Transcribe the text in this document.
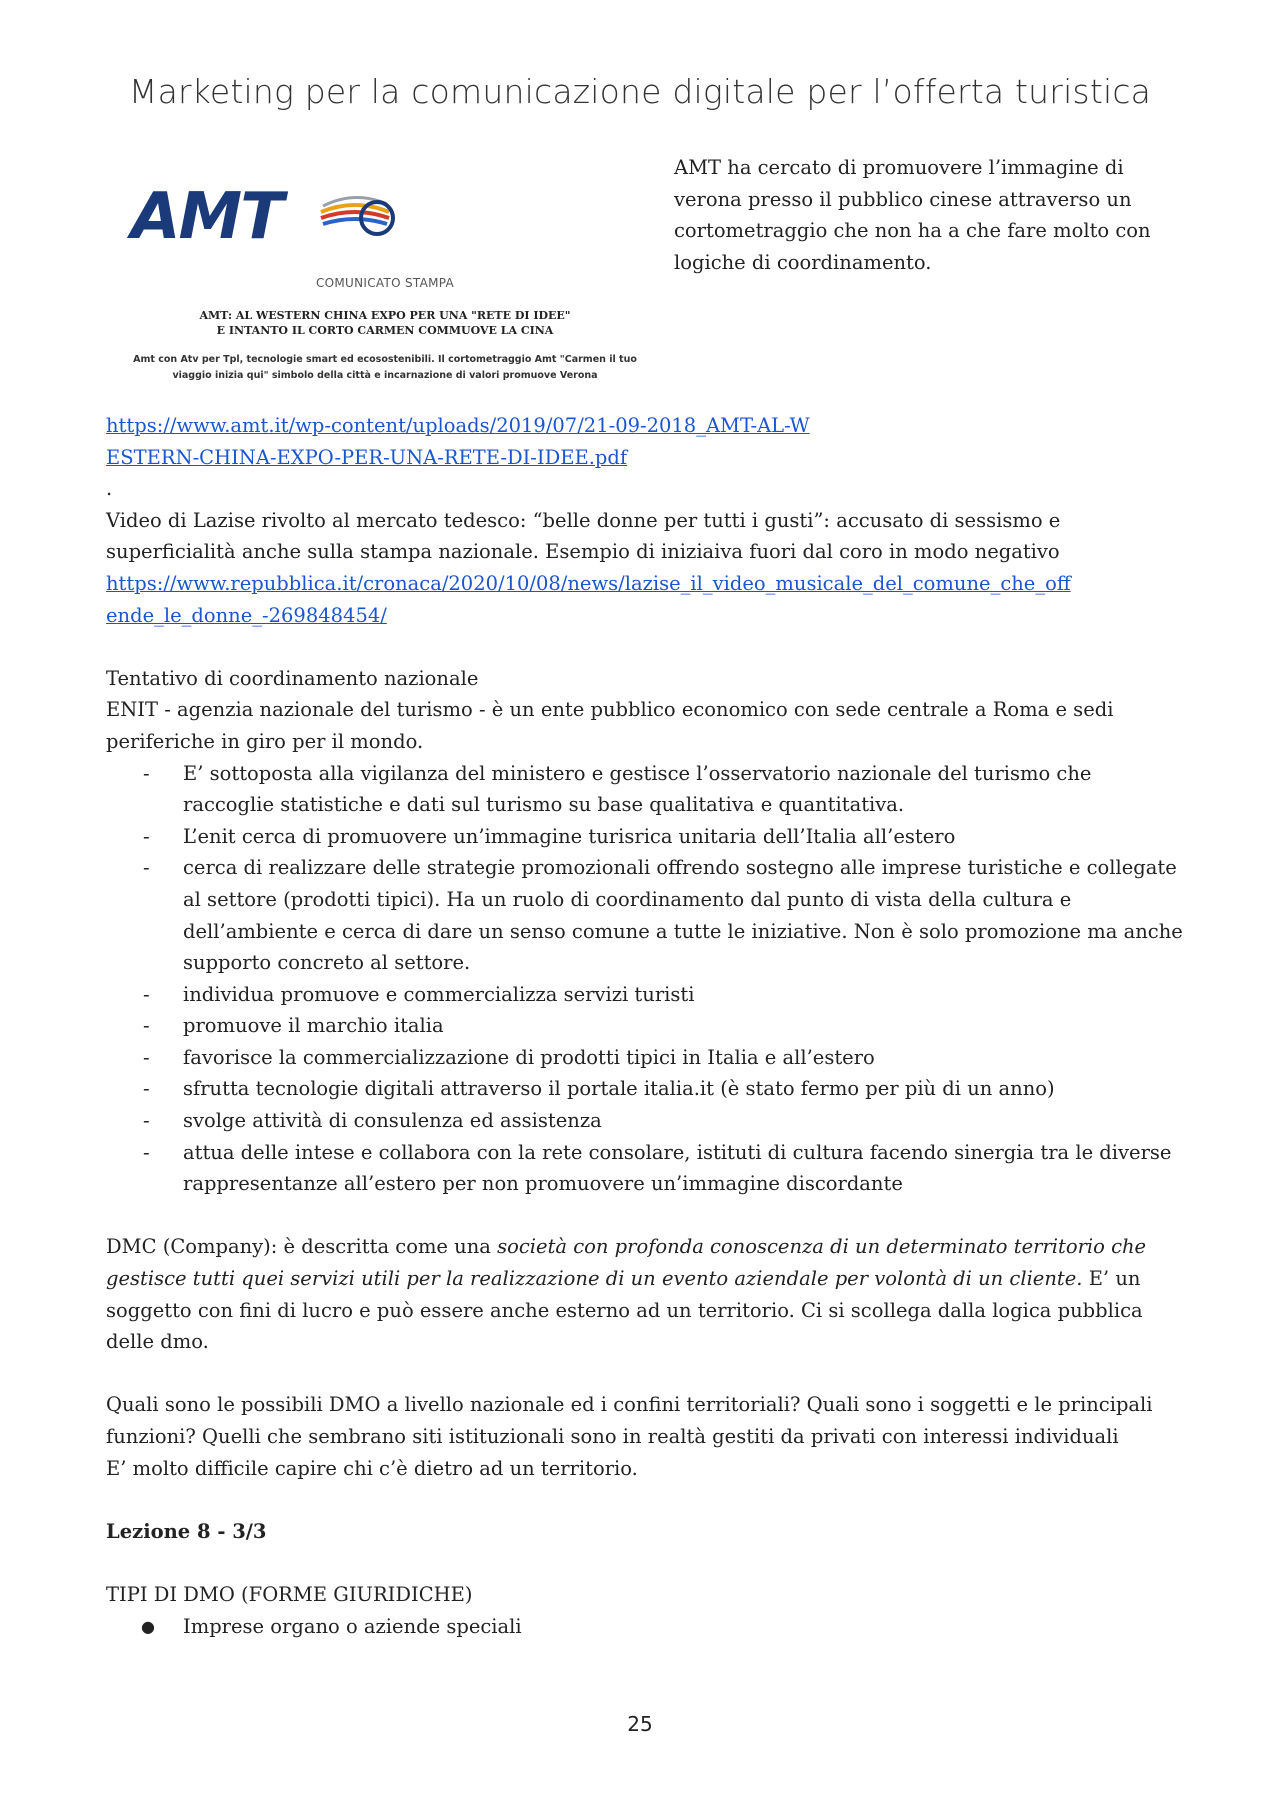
Marketing per la comunicazione digitale per l’offerta turistica
AMT
COMUNICATO STAMPA
AMT: AL WESTERN CHINA EXPO PER UNA "RETE DI IDEE"
E INTANTO IL CORTO CARMEN COMMUOVE LA CINA
Amt con Atv per Tpl, tecnologie smart ed ecosostenibili. Il cortometraggio Amt "Carmen il tuo
viaggio inizia qui" simbolo della città e incarnazione di valori promuove Verona
AMT ha cercato di promuovere l’immagine di verona presso il pubblico cinese attraverso un cortometraggio che non ha a che fare molto con logiche di coordinamento.

https://www.amt.it/wp-content/uploads/2019/07/21-09-2018_AMT-AL-W
ESTERN-CHINA-EXPO-PER-UNA-RETE-DI-IDEE.pdf

.

Video di Lazise rivolto al mercato tedesco: “belle donne per tutti i gusti”: accusato di sessismo e superficialità anche sulla stampa nazionale. Esempio di iniziaiva fuori dal coro in modo negativo

https://www.repubblica.it/cronaca/2020/10/08/news/lazise_il_video_musicale_del_comune_che_off
ende_le_donne_-269848454/

Tentativo di coordinamento nazionale

ENIT - agenzia nazionale del turismo - è un ente pubblico economico con sede centrale a Roma e sedi periferiche in giro per il mondo.

- E’ sottoposta alla vigilanza del ministero e gestisce l’osservatorio nazionale del turismo che raccoglie statistiche e dati sul turismo su base qualitativa e quantitativa.
- L’enit cerca di promuovere un’immagine turisrica unitaria dell’Italia all’estero
- cerca di realizzare delle strategie promozionali offrendo sostegno alle imprese turistiche e collegate al settore (prodotti tipici). Ha un ruolo di coordinamento dal punto di vista della cultura e dell’ambiente e cerca di dare un senso comune a tutte le iniziative. Non è solo promozione ma anche supporto concreto al settore.
- individua promuove e commercializza servizi turisti
- promuove il marchio italia
- favorisce la commercializzazione di prodotti tipici in Italia e all’estero
- sfrutta tecnologie digitali attraverso il portale italia.it (è stato fermo per più di un anno)
- svolge attività di consulenza ed assistenza
- attua delle intese e collabora con la rete consolare, istituti di cultura facendo sinergia tra le diverse rappresentanze all’estero per non promuovere un’immagine discordante

DMC (Company): è descritta come una società con profonda conoscenza di un determinato territorio che gestisce tutti quei servizi utili per la realizzazione di un evento aziendale per volontà di un cliente. E’ un soggetto con fini di lucro e può essere anche esterno ad un territorio. Ci si scollega dalla logica pubblica delle dmo.

Quali sono le possibili DMO a livello nazionale ed i confini territoriali? Quali sono i soggetti e le principali funzioni? Quelli che sembrano siti istituzionali sono in realtà gestiti da privati con interessi individuali

E’ molto difficile capire chi c’è dietro ad un territorio.

Lezione 8 - 3/3

TIPI DI DMO (FORME GIURIDICHE)

● Imprese organo o aziende speciali
25
